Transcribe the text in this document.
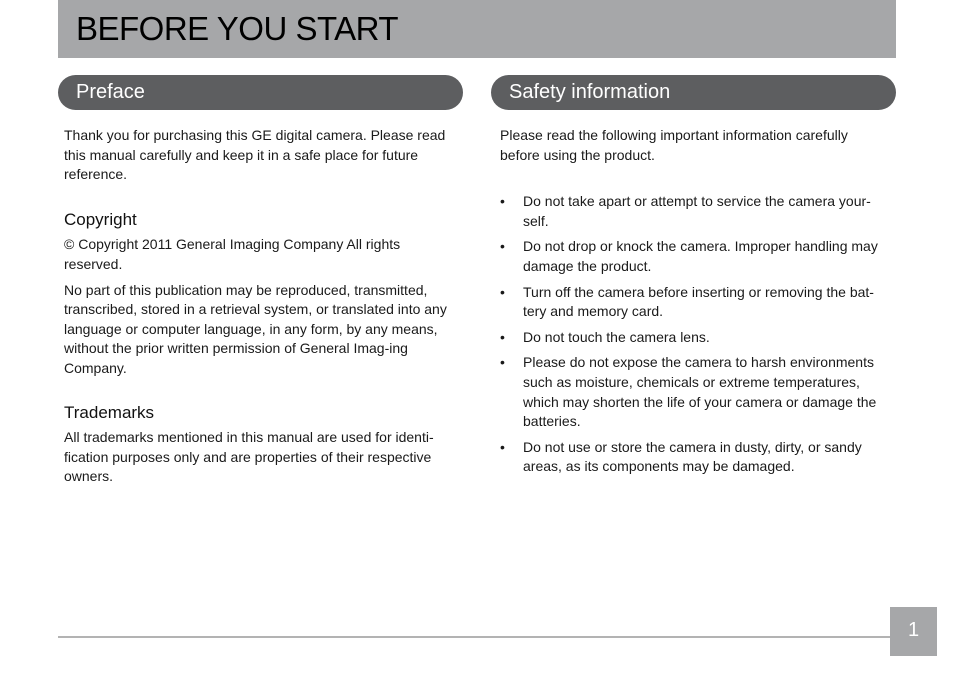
BEFORE YOU START
Preface	Safety information

Thank you for purchasing this GE digital camera. Please read this manual carefully and keep it in a safe place for future reference.

Copyright

© Copyright 2011 General Imaging Company All rights reserved.

No part of this publication may be reproduced, transmitted, transcribed, stored in a retrieval system, or translated into any language or computer language, in any form, by any means, without the prior written permission of General Imag-ing Company.

Trademarks

All trademarks mentioned in this manual are used for identi-fication purposes only and are properties of their respective owners.

Please read the following important information carefully before using the product.

• Do not take apart or attempt to service the camera your-self.
• Do not drop or knock the camera. Improper handling may damage the product.
• Turn off the camera before inserting or removing the bat-tery and memory card.
• Do not touch the camera lens.
• Please do not expose the camera to harsh environments such as moisture, chemicals or extreme temperatures, which may shorten the life of your camera or damage the batteries.
• Do not use or store the camera in dusty, dirty, or sandy areas, as its components may be damaged.
1
